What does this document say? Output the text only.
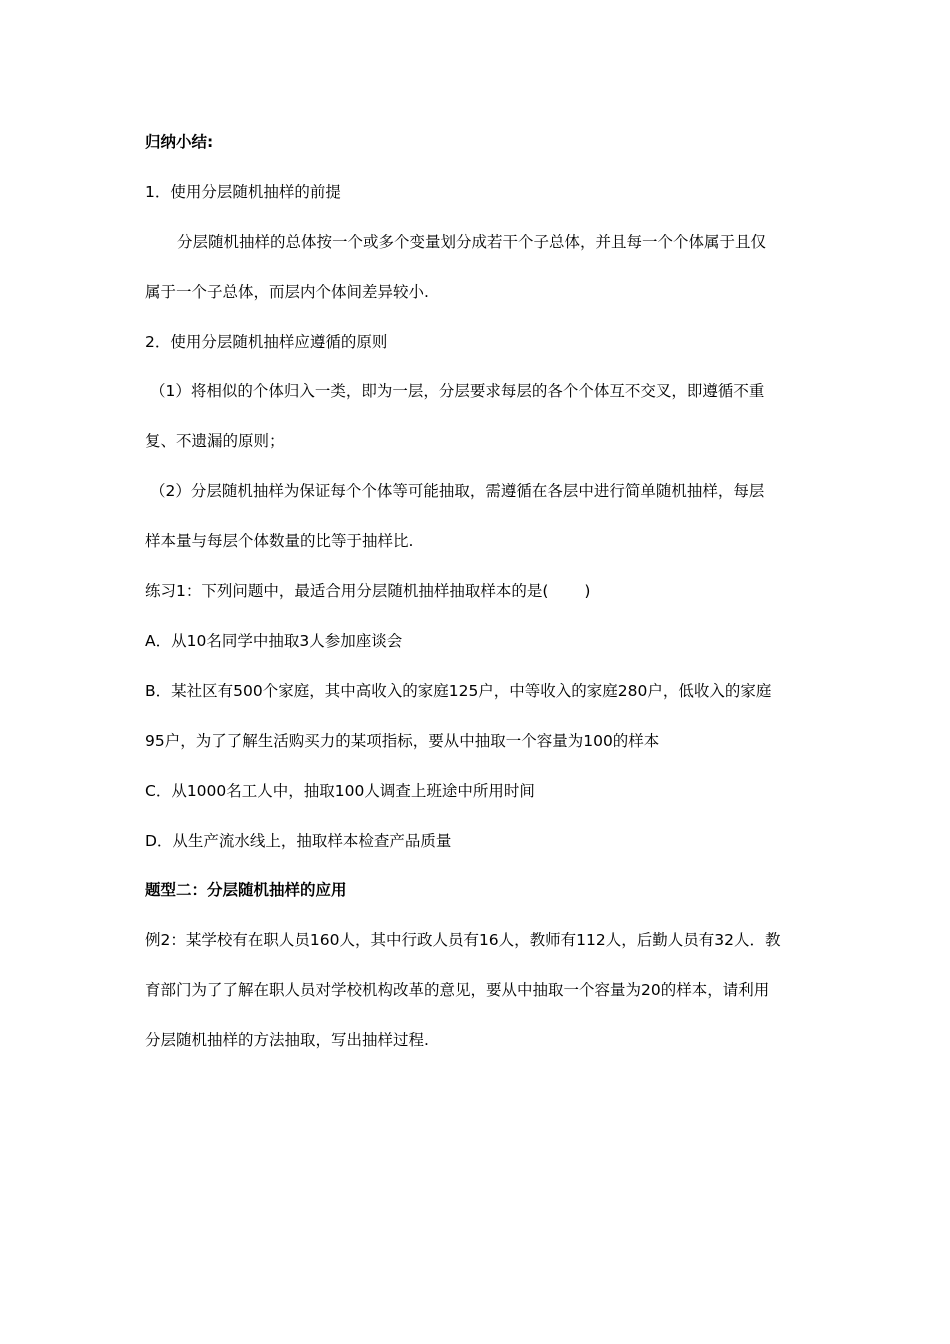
归纳小结:
1．使用分层随机抽样的前提
分层随机抽样的总体按一个或多个变量划分成若干个子总体，并且每一个个体属于且仅
属于一个子总体，而层内个体间差异较小.
2．使用分层随机抽样应遵循的原则
（1）将相似的个体归入一类，即为一层，分层要求每层的各个个体互不交叉，即遵循不重
复、不遗漏的原则；
（2）分层随机抽样为保证每个个体等可能抽取，需遵循在各层中进行简单随机抽样，每层
样本量与每层个体数量的比等于抽样比.
练习1：下列问题中，最适合用分层随机抽样抽取样本的是( )
A．从10名同学中抽取3人参加座谈会
B．某社区有500个家庭，其中高收入的家庭125户，中等收入的家庭280户，低收入的家庭
95户，为了了解生活购买力的某项指标，要从中抽取一个容量为100的样本
C．从1000名工人中，抽取100人调查上班途中所用时间
D．从生产流水线上，抽取样本检查产品质量
题型二：分层随机抽样的应用
例2：某学校有在职人员160人，其中行政人员有16人，教师有112人，后勤人员有32人．教
育部门为了了解在职人员对学校机构改革的意见，要从中抽取一个容量为20的样本，请利用
分层随机抽样的方法抽取，写出抽样过程.
